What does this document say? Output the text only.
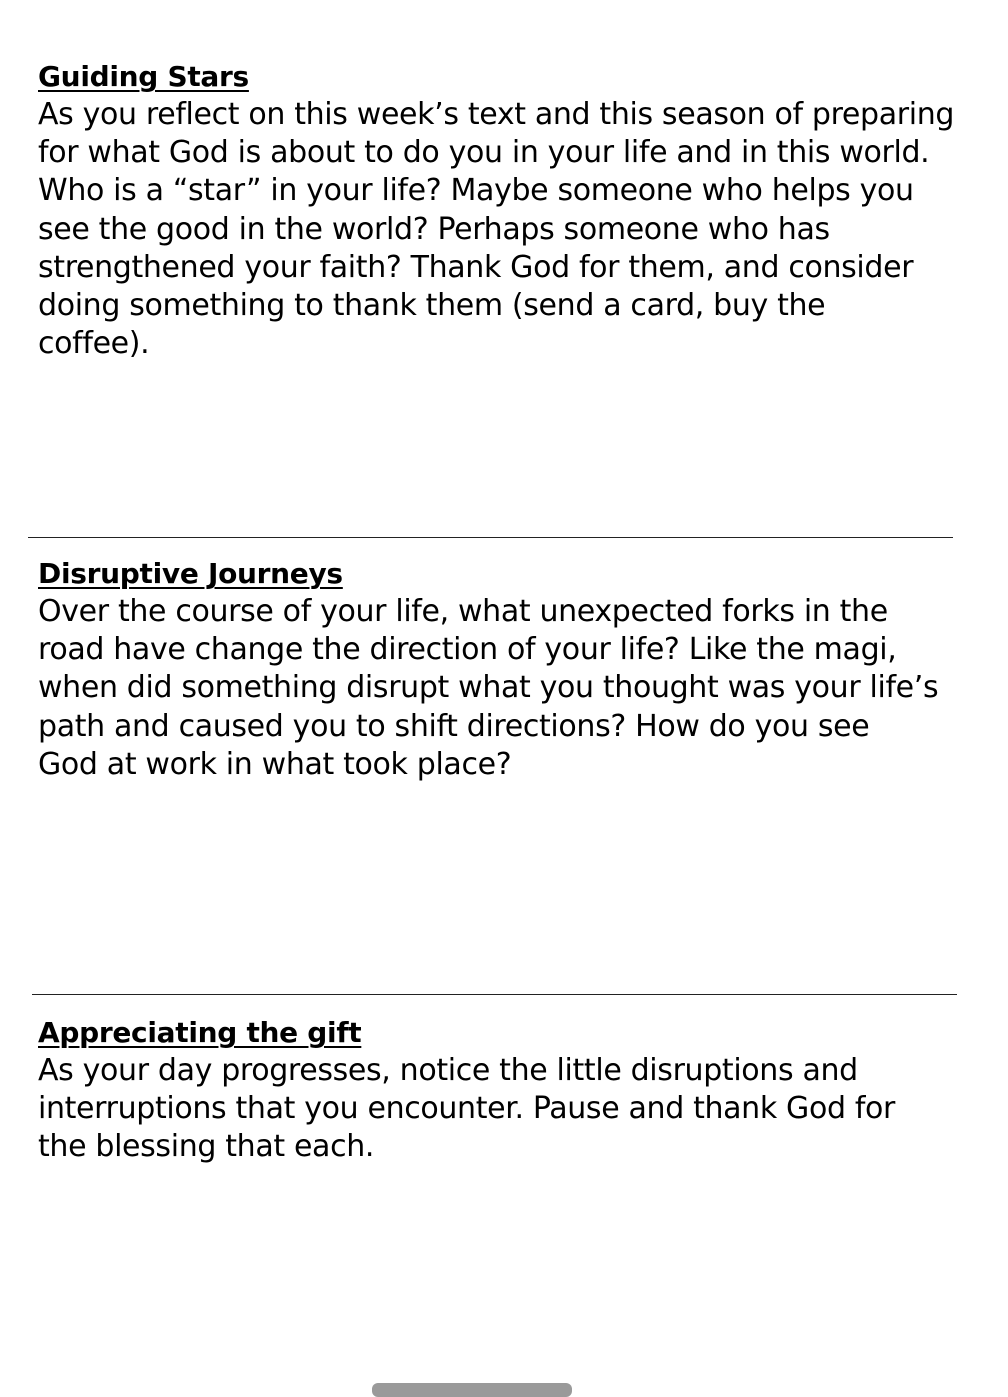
Guiding Stars

As you reflect on this week’s text and this season of preparing

for what God is about to do you in your life and in this world.

Who is a “star” in your life? Maybe someone who helps you

see the good in the world? Perhaps someone who has

strengthened your faith? Thank God for them, and consider

doing something to thank them (send a card, buy the

coffee).

Disruptive Journeys

Over the course of your life, what unexpected forks in the

road have change the direction of your life? Like the magi,

when did something disrupt what you thought was your life’s

path and caused you to shift directions? How do you see

God at work in what took place?

Appreciating the gift

As your day progresses, notice the little disruptions and

interruptions that you encounter. Pause and thank God for

the blessing that each.
